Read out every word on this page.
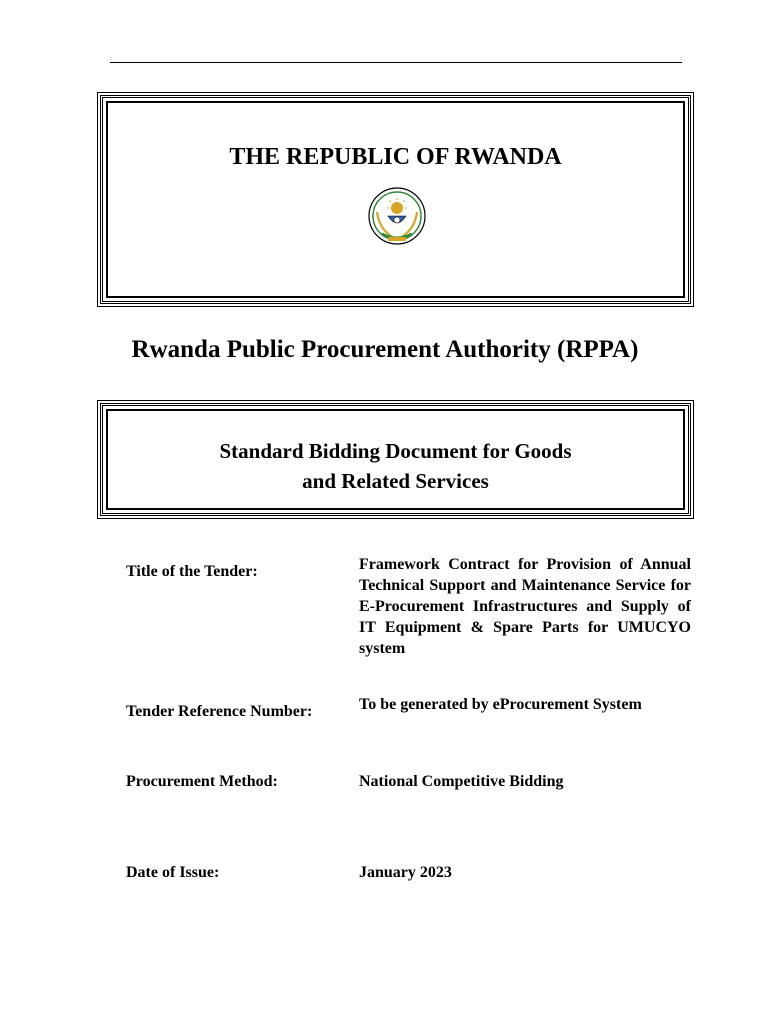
THE REPUBLIC OF RWANDA
Rwanda Public Procurement Authority (RPPA)
Standard Bidding Document for Goods
and Related Services
Title of the Tender:	Framework Contract for Provision of Annual Technical Support and Maintenance Service for E-Procurement Infrastructures and Supply of IT Equipment & Spare Parts for UMUCYO system
Tender Reference Number:	To be generated by eProcurement System
Procurement Method:	National Competitive Bidding
Date of Issue:	January 2023
